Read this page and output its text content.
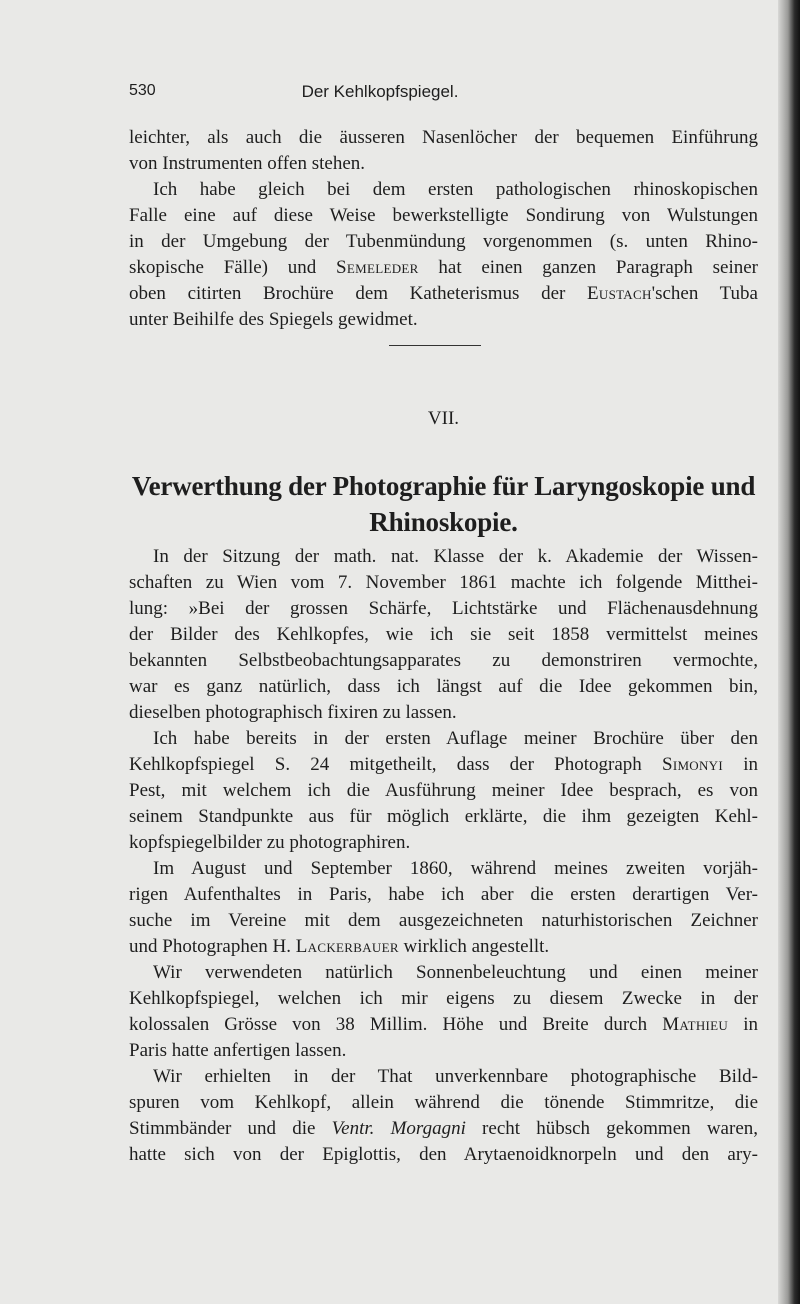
530	Der Kehlkopfspiegel.
leichter, als auch die äusseren Nasenlöcher der bequemen Einführung
von Instrumenten offen stehen.
Ich habe gleich bei dem ersten pathologischen rhinoskopischen
Falle eine auf diese Weise bewerkstelligte Sondirung von Wulstungen
in der Umgebung der Tubenmündung vorgenommen (s. unten Rhino-
skopische Fälle) und Semeleder hat einen ganzen Paragraph seiner
oben citirten Brochüre dem Katheterismus der Eustach'schen Tuba
unter Beihilfe des Spiegels gewidmet.
VII.
Verwerthung der Photographie für Laryngoskopie und
Rhinoskopie.
In der Sitzung der math. nat. Klasse der k. Akademie der Wissen-
schaften zu Wien vom 7. November 1861 machte ich folgende Mitthei-
lung: »Bei der grossen Schärfe, Lichtstärke und Flächenausdehnung
der Bilder des Kehlkopfes, wie ich sie seit 1858 vermittelst meines
bekannten Selbstbeobachtungsapparates zu demonstriren vermochte,
war es ganz natürlich, dass ich längst auf die Idee gekommen bin,
dieselben photographisch fixiren zu lassen.
Ich habe bereits in der ersten Auflage meiner Brochüre über den
Kehlkopfspiegel S. 24 mitgetheilt, dass der Photograph Simonyi in
Pest, mit welchem ich die Ausführung meiner Idee besprach, es von
seinem Standpunkte aus für möglich erklärte, die ihm gezeigten Kehl-
kopfspiegelbilder zu photographiren.
Im August und September 1860, während meines zweiten vorjäh-
rigen Aufenthaltes in Paris, habe ich aber die ersten derartigen Ver-
suche im Vereine mit dem ausgezeichneten naturhistorischen Zeichner
und Photographen H. Lackerbauer wirklich angestellt.
Wir verwendeten natürlich Sonnenbeleuchtung und einen meiner
Kehlkopfspiegel, welchen ich mir eigens zu diesem Zwecke in der
kolossalen Grösse von 38 Millim. Höhe und Breite durch Mathieu in
Paris hatte anfertigen lassen.
Wir erhielten in der That unverkennbare photographische Bild-
spuren vom Kehlkopf, allein während die tönende Stimmritze, die
Stimmbänder und die Ventr. Morgagni recht hübsch gekommen waren,
hatte sich von der Epiglottis, den Arytaenoidknorpeln und den ary-
